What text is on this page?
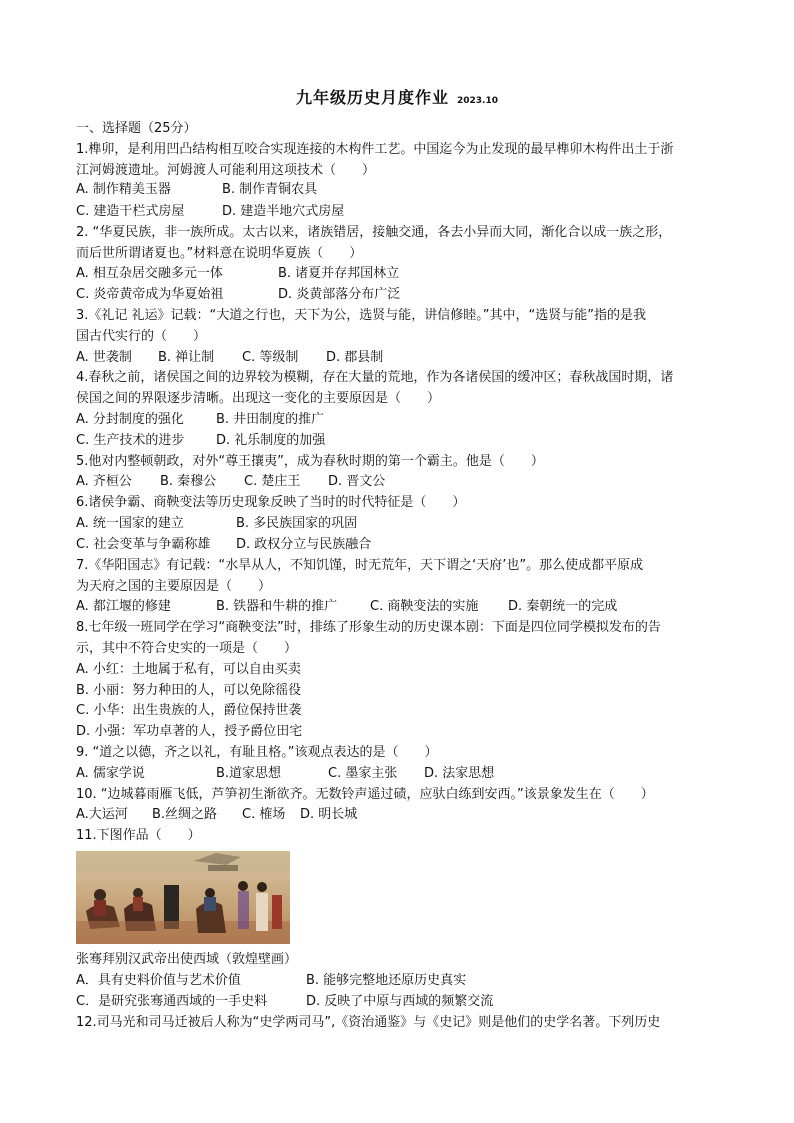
九年级历史月度作业 2023.10
一、选择题（25分）
1.榫卯，是利用凹凸结构相互咬合实现连接的木构件工艺。中国迄今为止发现的最早榫卯木构件出土于浙
江河姆渡遗址。河姆渡人可能利用这项技术（　　）
A. 制作精美玉器	B. 制作青铜农具
C. 建造干栏式房屋	D. 建造半地穴式房屋
2. “华夏民族，非一族所成。太古以来，诸族错居，接触交通，各去小异而大同，渐化合以成一族之形，
而后世所谓诸夏也。”材料意在说明华夏族（　　）
A. 相互杂居交融多元一体	B. 诸夏并存邦国林立
C. 炎帝黄帝成为华夏始祖	D. 炎黄部落分布广泛
3.《礼记 礼运》记载：“大道之行也，天下为公，选贤与能，讲信修睦。”其中，“选贤与能”指的是我
国古代实行的（　　）
A. 世袭制 B. 禅让制 C. 等级制 D. 郡县制
4.春秋之前，诸侯国之间的边界较为模糊，存在大量的荒地，作为各诸侯国的缓冲区；春秋战国时期，诸
侯国之间的界限逐步清晰。出现这一变化的主要原因是（　　）
A. 分封制度的强化 B. 井田制度的推广
C. 生产技术的进步 D. 礼乐制度的加强
5.他对内整顿朝政，对外“尊王攘夷”，成为春秋时期的第一个霸主。他是（　　）
A. 齐桓公 B. 秦穆公 C. 楚庄王 D. 晋文公
6.诸侯争霸、商鞅变法等历史现象反映了当时的时代特征是（　　）
A. 统一国家的建立	B. 多民族国家的巩固
C. 社会变革与争霸称雄 D. 政权分立与民族融合
7.《华阳国志》有记载：“水旱从人，不知饥馑，时无荒年，天下谓之‘天府’也”。那么使成都平原成
为天府之国的主要原因是（　　）
A. 都江堰的修建	B. 铁器和牛耕的推广	C. 商鞅变法的实施 D. 秦朝统一的完成
8.七年级一班同学在学习“商鞅变法”时，排练了形象生动的历史课本剧：下面是四位同学模拟发布的告
示，其中不符合史实的一项是（　　）
A. 小红：土地属于私有，可以自由买卖
B. 小丽：努力种田的人，可以免除徭役
C. 小华：出生贵族的人，爵位保持世袭
D. 小强：军功卓著的人，授予爵位田宅
9. “道之以德，齐之以礼，有耻且格。”该观点表达的是（　　）
A. 儒家学说	B.道家思想	C. 墨家主张 D. 法家思想
10. “边城暮雨雁飞低，芦笋初生渐欲齐。无数铃声遥过碛，应驮白练到安西。”该景象发生在（　　）
A.大运河 B.丝绸之路 C. 榷场 D. 明长城
11.下图作品（　　）
张骞拜别汉武帝出使西域（敦煌壁画）
A．具有史料价值与艺术价值	B. 能够完整地还原历史真实
C．是研究张骞通西域的一手史料	D. 反映了中原与西域的频繁交流
12.司马光和司马迁被后人称为“史学两司马”,《资治通鉴》与《史记》则是他们的史学名著。下列历史
